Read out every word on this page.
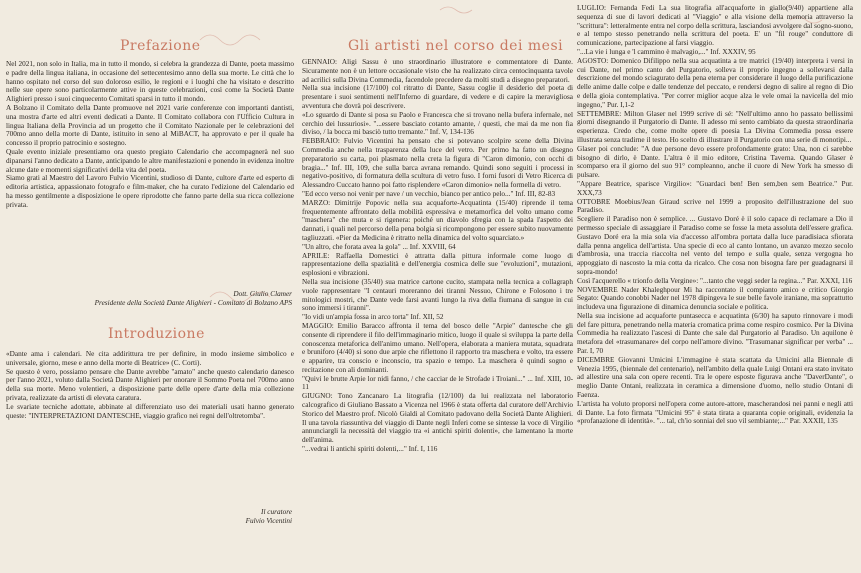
Prefazione

Nel 2021, non solo in Italia, ma in tutto il mondo, si celebra la grandezza di Dante, poeta massimo e padre della lingua italiana, in occasione del settecentesimo anno della sua morte. Le città che lo hanno ospitato nel corso del suo doloroso esilio, le regioni e i luoghi che ha visitato e descritto nelle sue opere sono particolarmente attive in queste celebrazioni, così come la Società Dante Alighieri presso i suoi cinquecento Comitati sparsi in tutto il mondo.
A Bolzano il Comitato della Dante promuove nel 2021 varie conferenze con importanti dantisti, una mostra d'arte ed altri eventi dedicati a Dante. Il Comitato collabora con l'Ufficio Cultura in lingua Italiana della Provincia ad un progetto che il Comitato Nazionale per le celebrazioni del 700mo anno della morte di Dante, istituito in seno al MiBACT, ha approvato e per il quale ha concesso il proprio patrocinio e sostegno.
Quale evento iniziale presentiamo ora questo pregiato Calendario che accompagnerà nel suo dipanarsi l'anno dedicato a Dante, anticipando le altre manifestazioni e ponendo in evidenza inoltre alcune date e momenti significativi della vita del poeta.
Siamo grati al Maestro del Lavoro Fulvio Vicentini, studioso di Dante, cultore d'arte ed esperto di editoria artistica, appassionato fotografo e film-maker, che ha curato l'edizione del Calendario ed ha messo gentilmente a disposizione le opere riprodotte che fanno parte della sua ricca collezione privata.

Dott. Giulio Clamer
Presidente della Società Dante Alighieri - Comitato di Bolzano APS
Introduzione

«Dante ama i calendari. Ne cita addirittura tre per definire, in modo insieme simbolico e universale, giorno, mese e anno della morte di Beatrice» (C. Corti).
Se questo è vero, possiamo pensare che Dante avrebbe "amato" anche questo calendario danesco per l'anno 2021, voluto dalla Società Dante Alighieri per onorare il Sommo Poeta nel 700mo anno della sua morte. Meno volentieri, a disposizione parte delle opere d'arte della mia collezione privata, realizzate da artisti di elevata caratura.
Le svariate tecniche adottate, abbinate al differenziato uso dei materiali usati hanno generato queste: "INTERPRETAZIONI DANTESCHE, viaggio grafico nei regni dell'oltretomba".

Il curatore
Fulvio Vicentini
Gli artisti nel corso dei mesi

GENNAIO: Aligi Sassu è uno straordinario illustratore e commentatore di Dante. Sicuramente non è un lettore occasionale visto che ha realizzato circa centocinquanta tavole ad acrilici sulla Divina Commedia, facendole precedere da molti studi a disegno preparatori.
Nella sua incisione (17/100) col ritratto di Dante, Sassu coglie il desiderio del poeta di presentare i suoi sentimenti nell'Inferno di guardare, di vedere e di capire la meravigliosa avventura che dovrà poi descrivere.
«Lo sguardo di Dante si posa su Paolo e Francesca che si trovano nella bufera infernale, nel cerchio dei lussuriosi». "...essere basciato cotanto amante, / questi, che mai da me non fia diviso, / la bocca mi basciò tutto tremante." Inf. V, 134-136
FEBBRAIO: Fulvio Vicentini ha pensato che si potevano scolpire scene della Divina Commedia anche nella trasparenza della luce del vetro. Per primo ha fatto un disegno preparatorio su carta, poi plasmato nella creta la figura di "Caron dimonio, con occhi di bragia..." Inf. III, 109, che sulla barca avrana remando. Quindi sono seguiti i processi in negativo-positivo, di formatura della scultura di vetro fuso. I forni fusori di Vetro Ricerca di Alessandro Cuccato hanno poi fatto risplendere «Caron dimonio» nella formella di vetro.
"Ed ecco verso noi venir per nave / un vecchio, bianco per antico pelo..." Inf. III, 82-83
MARZO: Dimitrije Popovic nella sua acquaforte-Acquatinta (15/40) riprende il tema frequentemente affrontato della mobilità espressiva e metamorfica del volto umano come "maschera" che muta e si rigenera: poiché un diavolo sfregia con la spada l'aspetto dei dannati, i quali nel percorso della pena bolgia si ricompongono per essere subito nuovamente tagliuzzati. «Pier da Medicina è ritratto nella dinamica del volto squarciato.»
"Un altro, che forata avea la gola" ... Inf. XXVIII, 64
APRILE: Raffaella Domestici è attratta dalla pittura informale come luogo di rappresentazione della spazialità e dell'energia cosmica delle sue "evoluzioni", mutazioni, esplosioni e vibrazioni.
Nella sua incisione (35/40) sua matrice cartone cucito, stampata nella tecnica a collagraph vuole rappresentare "I centauri moreranno dei tiranni Nessuo, Chirone e Folosono i tre mitologici mostri, che Dante vede farsi avanti lungo la riva della fiumana di sangue in cui sono immersi i tiranni".
"Io vidi un'ampia fossa in arco torta" Inf. XII, 52
MAGGIO: Emilio Baracco affronta il tema del bosco delle "Arpie" dantesche che gli consente di riprendere il filo dell'immaginario mitico, luogo il quale si sviluppa la parte della conoscenza metaforica dell'animo umano. Nell'opera, elaborata a maniera mutata, squadrata e bruniforo (4/40) si sono due arpie che riflettono il rapporto tra maschera e volto, tra essere e apparire, tra conscio e inconscio, tra spazio e tempo. La maschera è quindi sogno e recitazione con ali dominanti.
"Quivi le brutte Arpie lor nidi fanno, / che cacciar de le Strofade i Troiani..." ... Inf. XIII, 10-11
GIUGNO: Tono Zancanaro La litografia (12/100) da lui realizzata nel laboratorio calcografico di Giuliano Bassato a Vicenza nel 1966 è stata offerta dal curatore dell'Archivio Storico del Maestro prof. Nicolò Gialdi al Comitato padovano della Società Dante Alighieri. Il una tavola riassuntiva del viaggio di Dante negli Inferi come se sintesse la voce di Virgilio annunciargli la necessità del viaggio tra «i antichi spiriti dolenti», che lamentano la morte dell'anima.
"...vedrai li antichi spiriti dolenti,..." Inf. I, 116

LUGLIO: Fernanda Fedi La sua litografia all'acquaforte in giallo(9/40) appartiene alla sequenza di sue di lavori dedicati al "Viaggio" e alla visione della memoria attraverso la "scrittura": letteralmente entra nel corpo della scrittura, lasciandosi avvolgere dal sogno-suono, e al tempo stesso penetrando nella scrittura del poeta. E' un "fil rouge" conduttore di comunicazione, partecipazione al farsi viaggio.
"...La vie i lunga e 'l cammino è malvagio,..." Inf. XXXIV, 95
AGOSTO: Domenico Difilippo nella sua acquatinta a tre matrici (19/40) interpreta i versi in cui Dante, nel primo canto del Purgatorio, solleva il proprio ingegno a sollevarsi dalla descrizione del mondo sciagurato della pena eterna per considerare il luogo della purificazione delle anime dalle colpe e dalle tendenze del peccato, e rendersi degno di salire al regno di Dio e della gioia contemplativa. "Per correr miglior acque alza le vele omai la navicella del mio ingegno," Pur. I,1-2
SETTEMBRE: Milton Glaser nel 1999 scrive di sé: "Nell'ultimo anno ho passato bellissimi giorni disegnando il Purgatorio di Dante. Il adesso mi sento cambiato da questa straordinaria esperienza. Credo che, come molte opere di poesia La Divina Commedia possa essere illustrata senza tradirne il testo. Ho scelto di illustrare il Purgatorio con una serie di monotipi...
Glaser poi conclude: "A due persone devo essere profondamente grato: Una, non ci sarebbe bisogno di dirlo, è Dante. L'altra è il mio editore, Cristina Taverna. Quando Glaser è scomparso era il giorno del suo 91° compleanno, anche il cuore di New York ha smesso di pulsare.
"Appare Beatrice, sparisce Virgilio»: "Guardaci ben! Ben sem,ben sem Beatrice." Pur. XXX,73
OTTOBRE Moebius/Jean Giraud scrive nel 1999 a proposito dell'illustrazione del suo Paradiso.
Scegliere il Paradiso non è semplice. ... Gustavo Doré è il solo capace di reclamare a Dio il permesso speciale di assaggiare il Paradiso come se fosse la meta assoluta dell'essere grafica. Gustavo Doré era la mia sola via d'accesso all'ombra portata dalla luce paradisiaca sfiorata dalla penna angelica dell'artista. Una specie di eco al canto lontano, un avanzo mezzo secolo d'ambrosia, una traccia riaccolta nel vento del tempo e sulla quale, senza vergogna ho appoggiato di nascosto la mia cotta da ricalco. Che cosa non bisogna fare per guadagnarsi il sopra-mondo!
Così l'acquerello « trionfo della Vergine»: "...tanto che veggi seder la regina..." Par. XXXI, 116
NOVEMBRE Nader Khaleghpour Mi ha raccontato il compianto amico e critico Giorgio Segato: Quando conobbi Nader nel 1978 dipingeva le sue belle favole iraniane, ma soprattutto includeva una figurazione di dinamica denuncia sociale e politica.
Nella sua incisione ad acquaforte puntasecca e acquatinta (6/30) ha saputo rinnovare i modi del fare pittura, penetrando nella materia cromatica prima come respiro cosmico. Per la Divina Commedia ha realizzato l'ascesi di Dante che sale dal Purgatorio al Paradiso. Un aquilone è metafora del «trasumanare» del corpo nell'amore divino. "Trasumanar significar per verba" ... Par. I, 70
DICEMBRE Giovanni Umicini L'immagine è stata scattata da Umicini alla Biennale di Venezia 1995, (biennale del centenario), nell'ambito della quale Luigi Ontani era stato invitato ad allestire una sala con opere recenti. Tra le opere esposte figurava anche "DaverDante", o meglio Dante Ontani, realizzata in ceramica a dimensione d'uomo, nello studio Ontani di Faenza.
L'artista ha voluto proporsi nell'opera come autore-attore, mascherandosi nei panni e negli atti di Dante. La foto firmata "Umicini 95" è stata tirata a quaranta copie originali, evidenzia la «profanazione di identità». "... tal, ch'io sonniai del suo vil sembiante;..." Par. XXXII, 135
